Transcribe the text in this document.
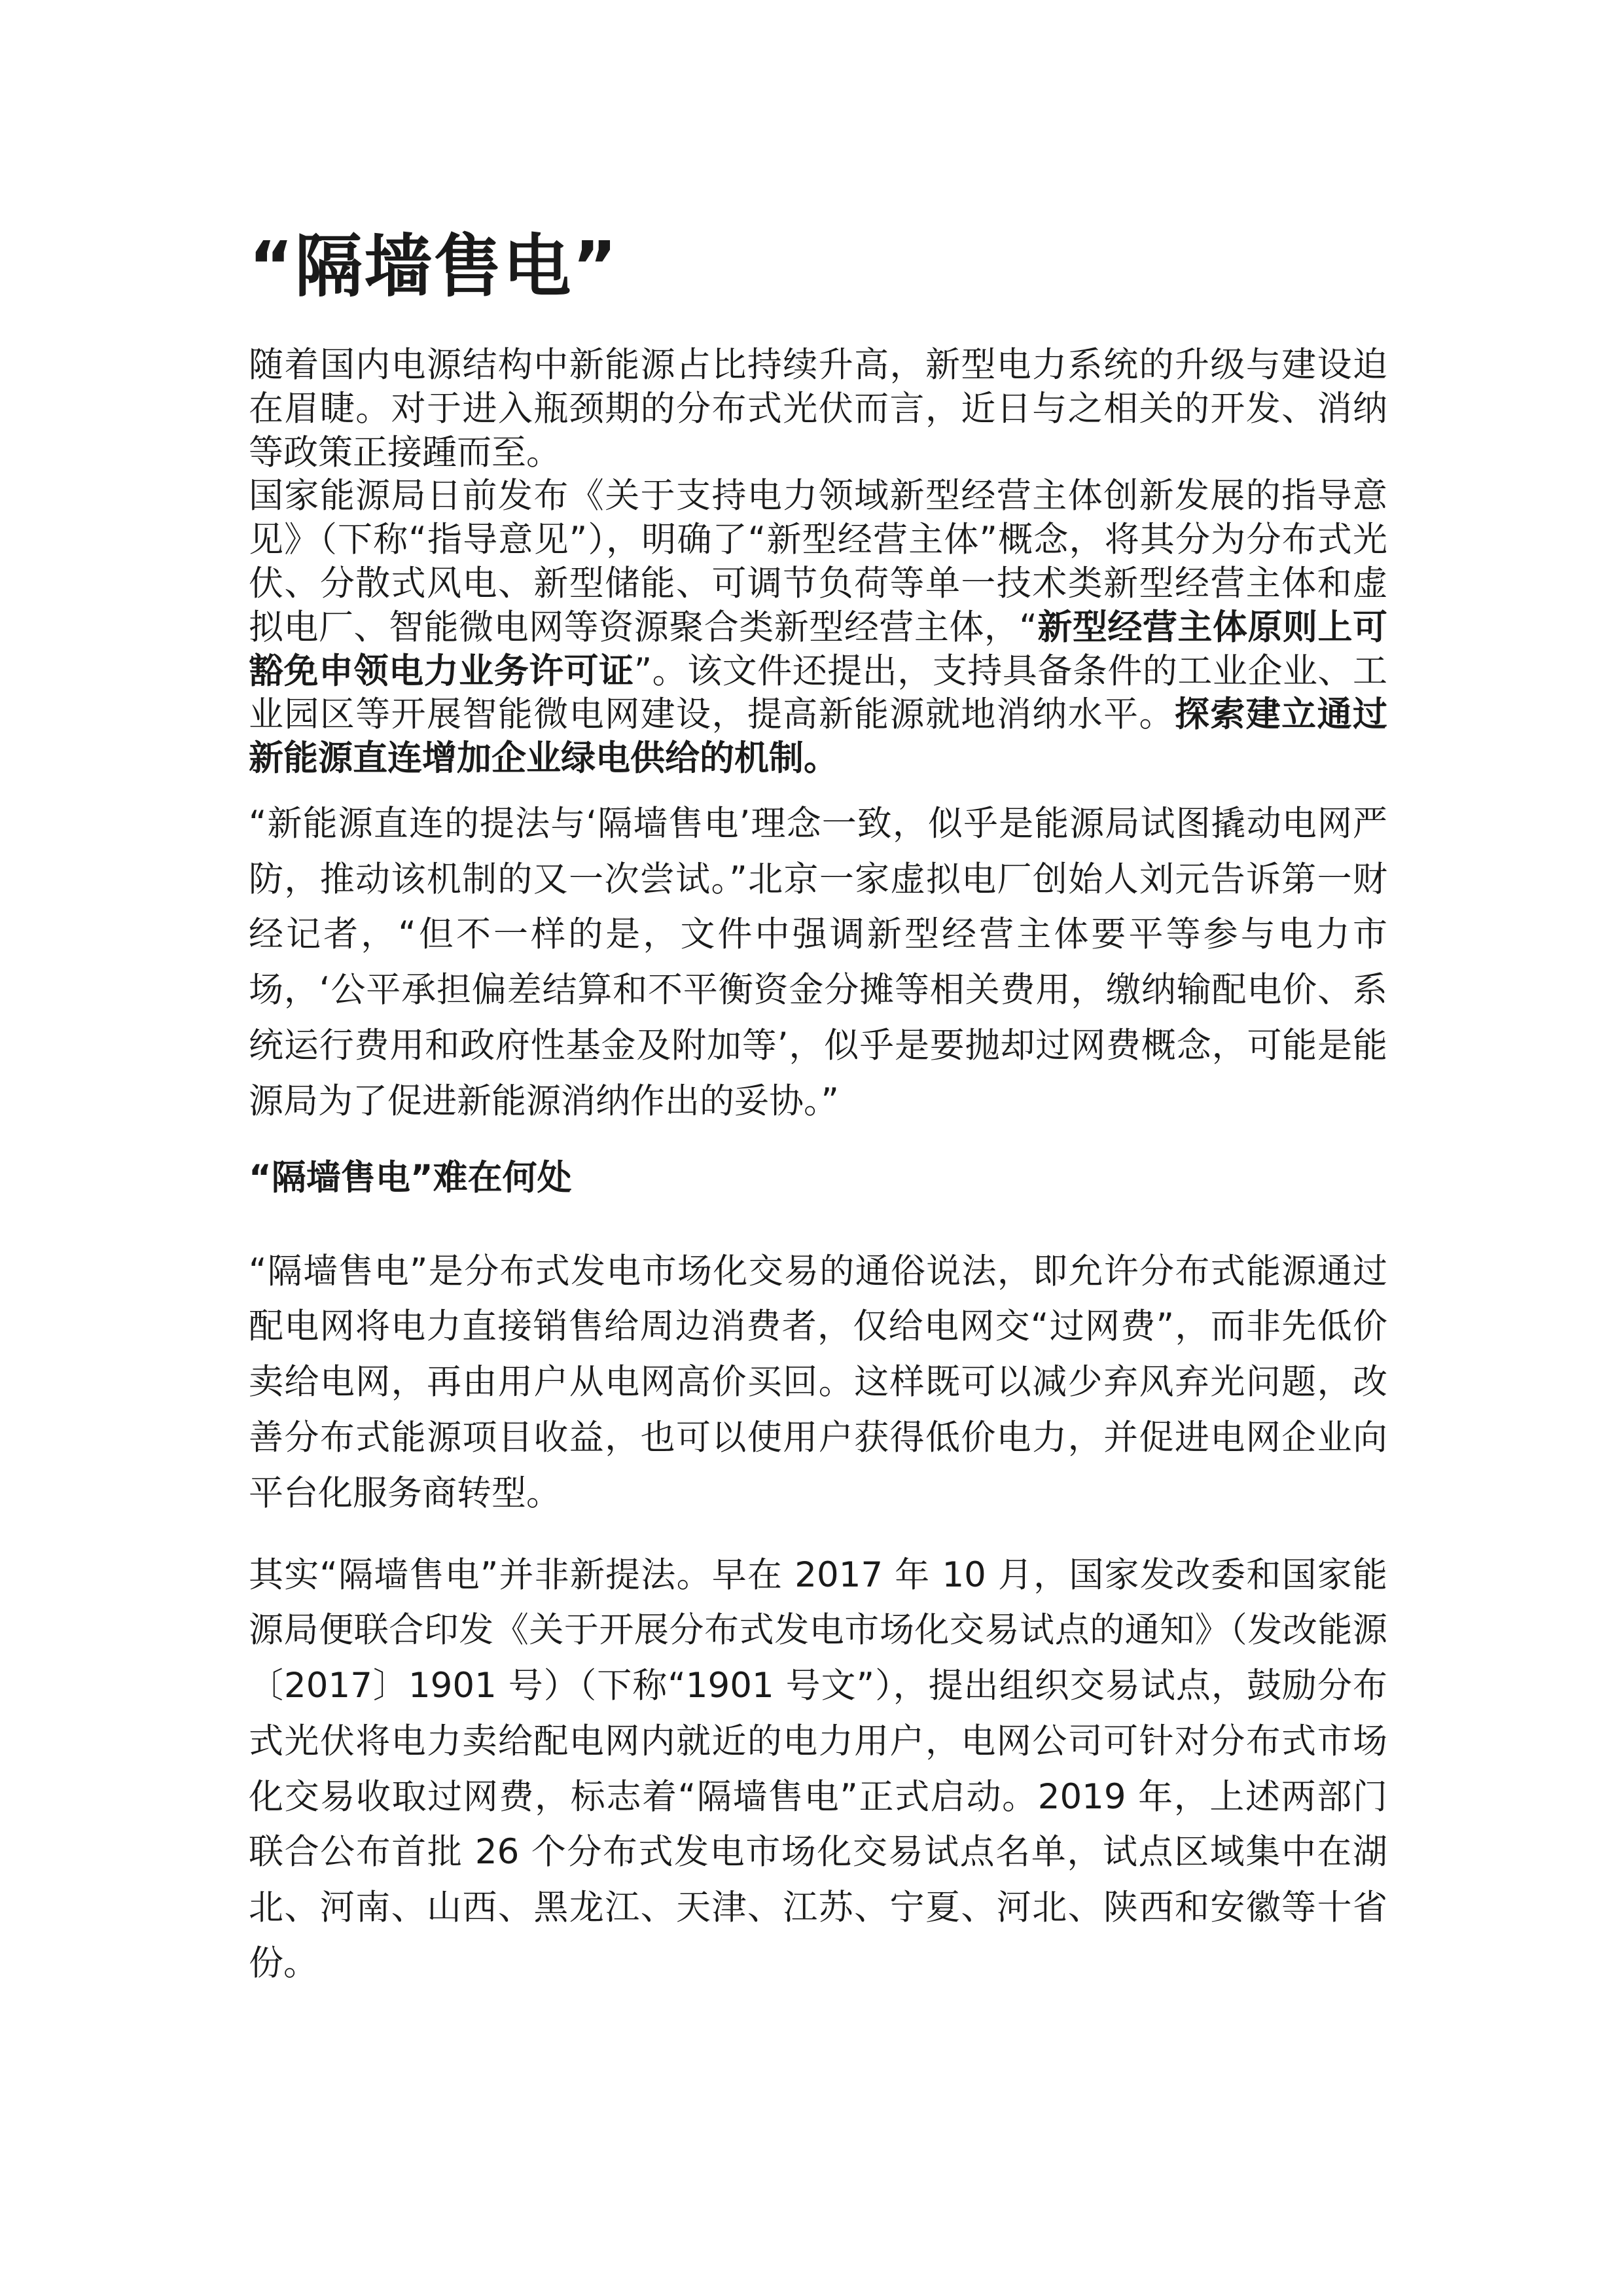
“隔墙售电”

随着国内电源结构中新能源占比持续升高，新型电力系统的升级与建设迫在眉睫。对于进入瓶颈期的分布式光伏而言，近日与之相关的开发、消纳等政策正接踵而至。

国家能源局日前发布《关于支持电力领域新型经营主体创新发展的指导意见》（下称“指导意见”），明确了“新型经营主体”概念，将其分为分布式光伏、分散式风电、新型储能、可调节负荷等单一技术类新型经营主体和虚拟电厂、智能微电网等资源聚合类新型经营主体，“新型经营主体原则上可豁免申领电力业务许可证”。该文件还提出，支持具备条件的工业企业、工业园区等开展智能微电网建设，提高新能源就地消纳水平。探索建立通过新能源直连增加企业绿电供给的机制。

“新能源直连的提法与‘隔墙售电’理念一致，似乎是能源局试图撬动电网严防，推动该机制的又一次尝试。”北京一家虚拟电厂创始人刘元告诉第一财经记者，“但不一样的是，文件中强调新型经营主体要平等参与电力市场，‘公平承担偏差结算和不平衡资金分摊等相关费用，缴纳输配电价、系统运行费用和政府性基金及附加等’，似乎是要抛却过网费概念，可能是能源局为了促进新能源消纳作出的妥协。”

“隔墙售电”难在何处

“隔墙售电”是分布式发电市场化交易的通俗说法，即允许分布式能源通过配电网将电力直接销售给周边消费者，仅给电网交“过网费”，而非先低价卖给电网，再由用户从电网高价买回。这样既可以减少弃风弃光问题，改善分布式能源项目收益，也可以使用户获得低价电力，并促进电网企业向平台化服务商转型。

其实“隔墙售电”并非新提法。早在 2017 年 10 月，国家发改委和国家能源局便联合印发《关于开展分布式发电市场化交易试点的通知》（发改能源〔2017〕1901 号）（下称“1901 号文”），提出组织交易试点，鼓励分布式光伏将电力卖给配电网内就近的电力用户，电网公司可针对分布式市场化交易收取过网费，标志着“隔墙售电”正式启动。2019 年，上述两部门联合公布首批 26 个分布式发电市场化交易试点名单，试点区域集中在湖北、河南、山西、黑龙江、天津、江苏、宁夏、河北、陕西和安徽等十省份。
